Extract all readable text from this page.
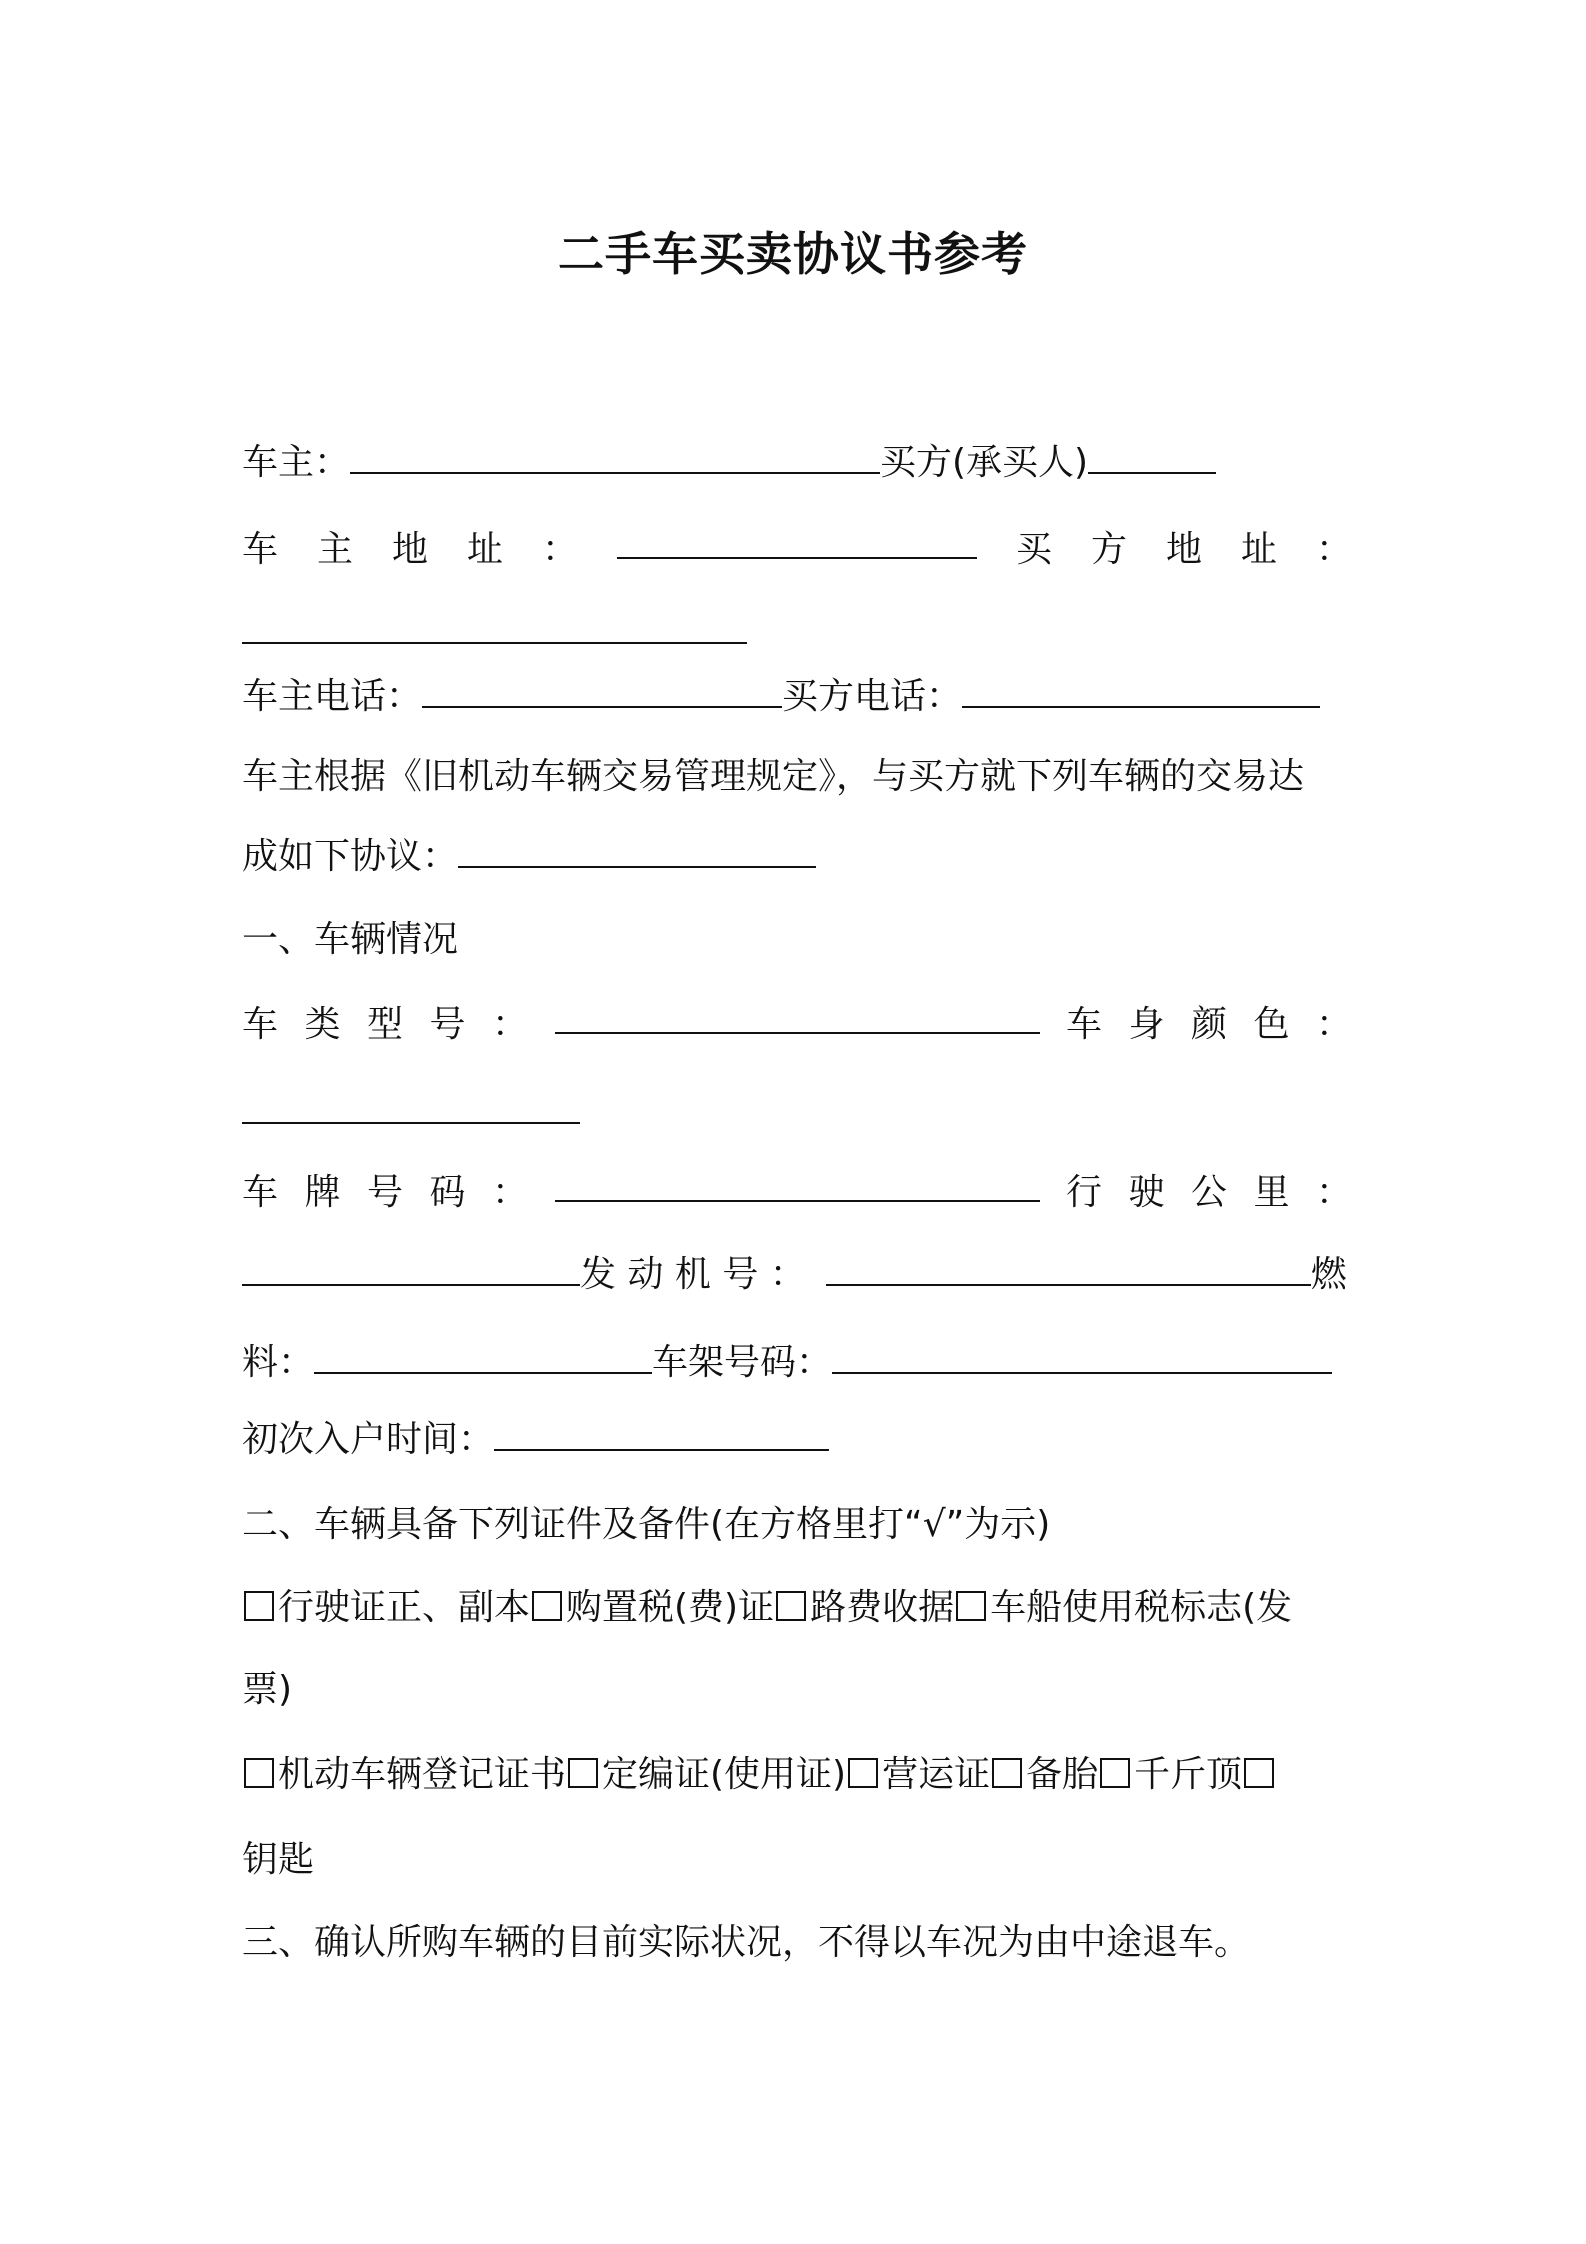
二手车买卖协议书参考
车主：	买方(承买人)
车 主 地 址 ：	买 方 地 址 ：
车主电话：	买方电话：
车主根据《旧机动车辆交易管理规定》，与买方就下列车辆的交易达
成如下协议：
一、车辆情况
车 类 型 号 ：	车 身 颜 色 ：
车 牌 号 码 ：	行 驶 公 里 ：
发 动 机 号 ：	燃
料：	车架号码：
初次入户时间：
二、车辆具备下列证件及备件(在方格里打“√”为示)
行驶证正、副本 购置税(费)证 路费收据 车船使用税标志(发
票)
机动车辆登记证书 定编证(使用证) 营运证 备胎 千斤顶
钥匙
三、确认所购车辆的目前实际状况，不得以车况为由中途退车。
